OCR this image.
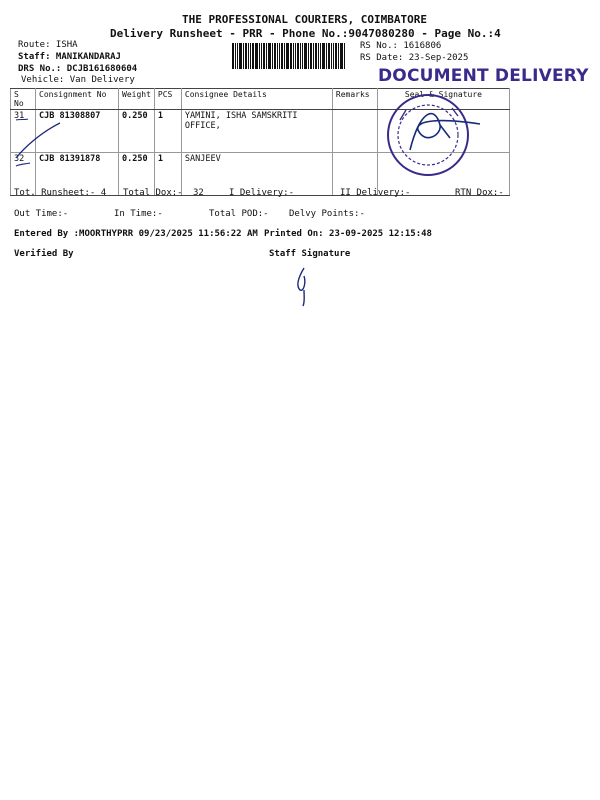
THE PROFESSIONAL COURIERS, COIMBATORE
Delivery Runsheet - PRR - Phone No.:9047080280 - Page No.:4
Route: ISHA
Staff: MANIKANDARAJ
DRS No.: DCJB161680604
Vehicle: Van Delivery
RS No.: 1616806
RS Date: 23-Sep-2025
DOCUMENT DELIVERY
S No	Consignment No	Weight	PCS	Consignee Details	Remarks	Seal & Signature
31	CJB 81308807	0.250	1	YAMINI, ISHA SAMSKRITI OFFICE,		
32	CJB 81391878	0.250	1	SANJEEV		
Tot. Runsheet:- 4 Total Dox:- 32	I Delivery:-	II Delivery:-	RTN Dox:-
Out Time:-	In Time:-	Total POD:- Delvy Points:-
Entered By :MOORTHYPRR 09/23/2025 11:56:22 AM Printed On: 23-09-2025 12:15:48
Verified By	Staff Signature
